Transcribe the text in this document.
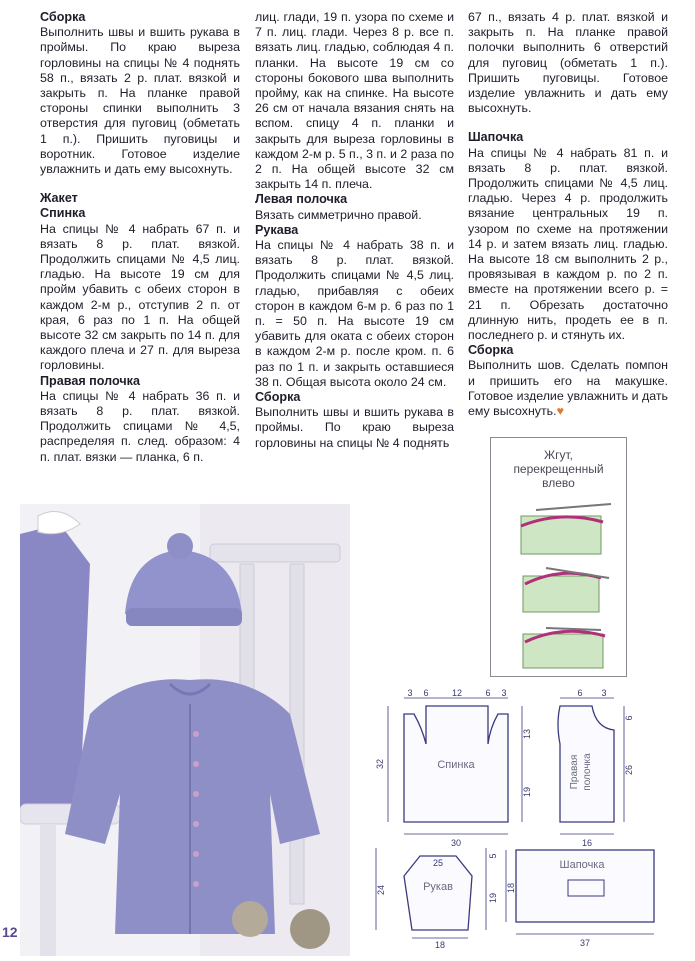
Сборка

Выполнить швы и вшить рукава в проймы. По краю выреза горловины на спицы № 4 поднять 58 п., вязать 2 р. плат. вязкой и закрыть п. На планке правой стороны спинки выполнить 3 отверстия для пуговиц (обметать 1 п.). Пришить пуговицы и воротник. Готовое изделие увлажнить и дать ему высохнуть.

Жакет
Спинка

На спицы № 4 набрать 67 п. и вязать 8 р. плат. вязкой. Продолжить спицами № 4,5 лиц. гладью. На высоте 19 см для пройм убавить с обеих сторон в каждом 2-м р., отступив 2 п. от края, 6 раз по 1 п. На общей высоте 32 см закрыть по 14 п. для каждого плеча и 27 п. для выреза горловины.

Правая полочка

На спицы № 4 набрать 36 п. и вязать 8 р. плат. вязкой. Продолжить спицами № 4,5, распределяя п. след. образом: 4 п. плат. вязки — планка, 6 п.

лиц. глади, 19 п. узора по схеме и 7 п. лиц. глади. Через 8 р. все п. вязать лиц. гладью, соблюдая 4 п. планки. На высоте 19 см со стороны бокового шва выполнить пройму, как на спинке. На высоте 26 см от начала вязания снять на вспом. спицу 4 п. планки и закрыть для выреза горловины в каждом 2-м р. 5 п., 3 п. и 2 раза по 2 п. На общей высоте 32 см закрыть 14 п. плеча.

Левая полочка

Вязать симметрично правой.

Рукава

На спицы № 4 набрать 38 п. и вязать 8 р. плат. вязкой. Продолжить спицами № 4,5 лиц. гладью, прибавляя с обеих сторон в каждом 6-м р. 6 раз по 1 п. = 50 п. На высоте 19 см убавить для оката с обеих сторон в каждом 2-м р. после кром. п. 6 раз по 1 п. и закрыть оставшиеся 38 п. Общая высота около 24 см.

Сборка

Выполнить швы и вшить рукава в проймы. По краю выреза горловины на спицы № 4 поднять

67 п., вязать 4 р. плат. вязкой и закрыть п. На планке правой полочки выполнить 6 отверстий для пуговиц (обметать 1 п.). Пришить пуговицы. Готовое изделие увлажнить и дать ему высохнуть.

Шапочка

На спицы № 4 набрать 81 п. и вязать 8 р. плат. вязкой. Продолжить спицами № 4,5 лиц. гладью. Через 4 р. продолжить вязание центральных 19 п. узором по схеме на протяжении 14 р. и затем вязать лиц. гладью. На высоте 18 см выполнить 2 р., провязывая в каждом р. по 2 п. вместе на протяжении всего р. = 21 п. Обрезать достаточно длинную нить, продеть ее в п. последнего р. и стянуть их.

Сборка

Выполнить шов. Сделать помпон и пришить его на макушке. Готовое изделие увлажнить и дать ему высохнуть.♥

Жгут,
перекрещенный
влево
Спинка
3 6	12	6 3
32
13
19
30
6 3
6
26
16
Правая полочка
25
Рукав
24
5
19
18
Шапочка
18
37
12
